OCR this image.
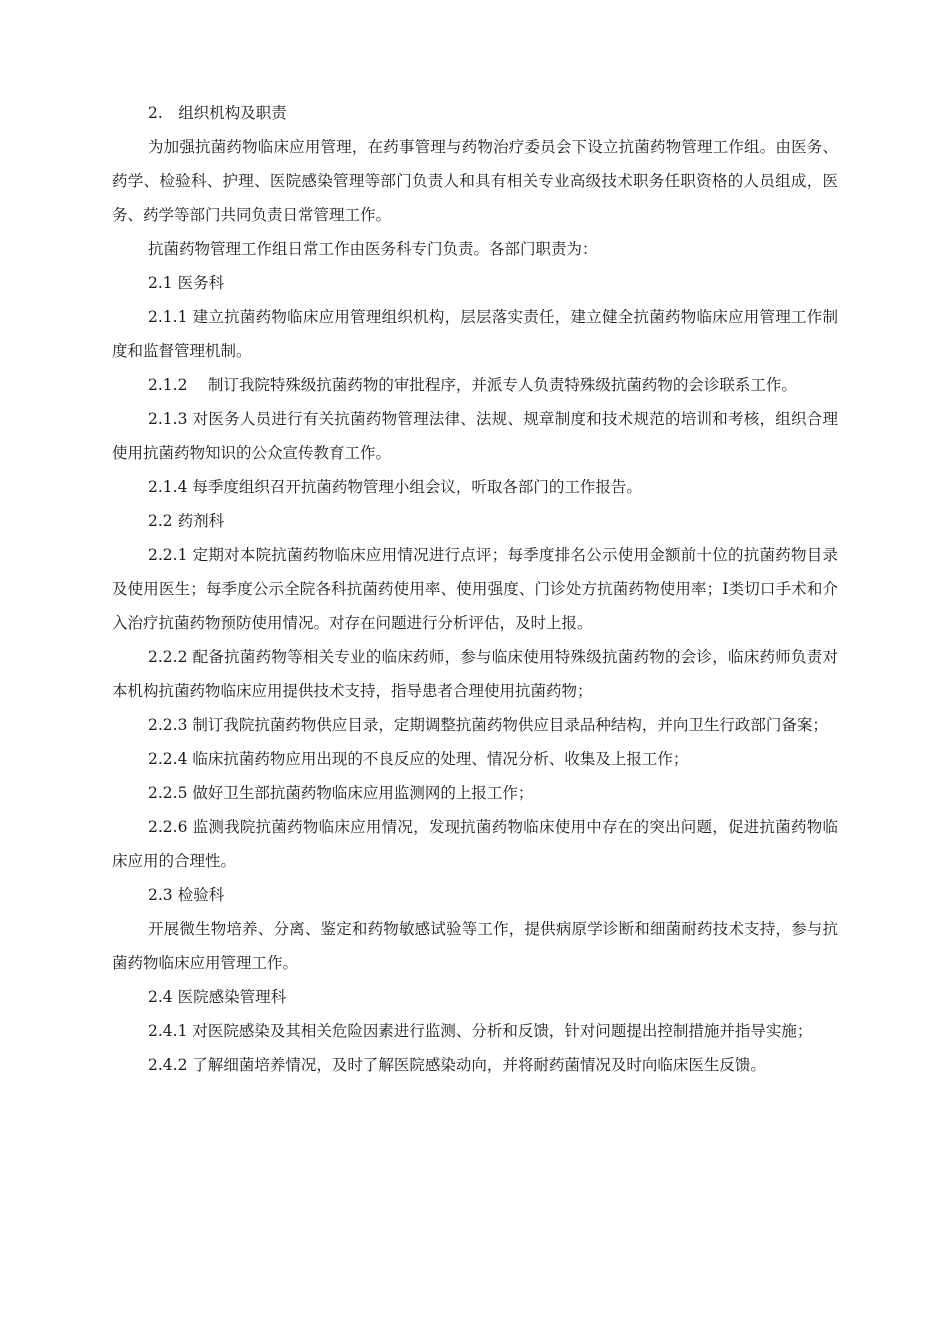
2.　组织机构及职责

为加强抗菌药物临床应用管理，在药事管理与药物治疗委员会下设立抗菌药物管理工作组。由医务、药学、检验科、护理、医院感染管理等部门负责人和具有相关专业高级技术职务任职资格的人员组成，医务、药学等部门共同负责日常管理工作。

抗菌药物管理工作组日常工作由医务科专门负责。各部门职责为：

2.1 医务科

2.1.1 建立抗菌药物临床应用管理组织机构，层层落实责任，建立健全抗菌药物临床应用管理工作制度和监督管理机制。

2.1.2　 制订我院特殊级抗菌药物的审批程序，并派专人负责特殊级抗菌药物的会诊联系工作。

2.1.3 对医务人员进行有关抗菌药物管理法律、法规、规章制度和技术规范的培训和考核，组织合理使用抗菌药物知识的公众宣传教育工作。

2.1.4 每季度组织召开抗菌药物管理小组会议，听取各部门的工作报告。

2.2 药剂科

2.2.1 定期对本院抗菌药物临床应用情况进行点评；每季度排名公示使用金额前十位的抗菌药物目录及使用医生；每季度公示全院各科抗菌药使用率、使用强度、门诊处方抗菌药物使用率；Ⅰ类切口手术和介入治疗抗菌药物预防使用情况。对存在问题进行分析评估，及时上报。

2.2.2 配备抗菌药物等相关专业的临床药师，参与临床使用特殊级抗菌药物的会诊，临床药师负责对本机构抗菌药物临床应用提供技术支持，指导患者合理使用抗菌药物；

2.2.3 制订我院抗菌药物供应目录，定期调整抗菌药物供应目录品种结构，并向卫生行政部门备案；

2.2.4 临床抗菌药物应用出现的不良反应的处理、情况分析、收集及上报工作；

2.2.5 做好卫生部抗菌药物临床应用监测网的上报工作；

2.2.6 监测我院抗菌药物临床应用情况，发现抗菌药物临床使用中存在的突出问题，促进抗菌药物临床应用的合理性。

2.3 检验科

开展微生物培养、分离、鉴定和药物敏感试验等工作，提供病原学诊断和细菌耐药技术支持，参与抗菌药物临床应用管理工作。

2.4 医院感染管理科

2.4.1 对医院感染及其相关危险因素进行监测、分析和反馈，针对问题提出控制措施并指导实施；

2.4.2 了解细菌培养情况，及时了解医院感染动向，并将耐药菌情况及时向临床医生反馈。
